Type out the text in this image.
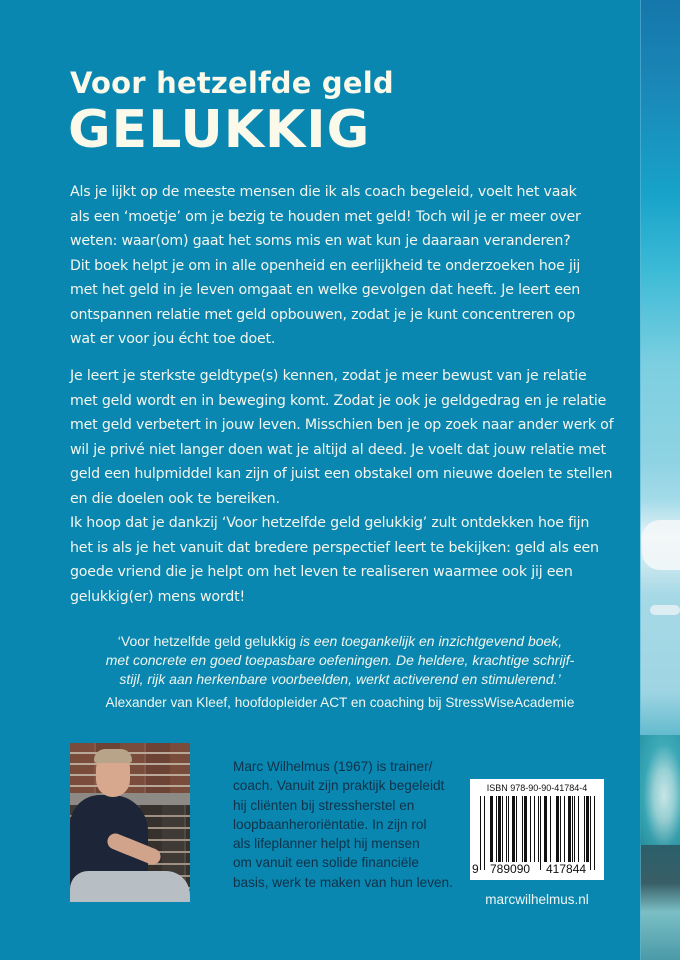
Voor hetzelfde geld
GELUKKIG
Als je lijkt op de meeste mensen die ik als coach begeleid, voelt het vaak
als een ‘moetje’ om je bezig te houden met geld! Toch wil je er meer over
weten: waar(om) gaat het soms mis en wat kun je daaraan veranderen?
Dit boek helpt je om in alle openheid en eerlijkheid te onderzoeken hoe jij
met het geld in je leven omgaat en welke gevolgen dat heeft. Je leert een
ontspannen relatie met geld opbouwen, zodat je je kunt concentreren op
wat er voor jou écht toe doet.
Je leert je sterkste geldtype(s) kennen, zodat je meer bewust van je relatie
met geld wordt en in beweging komt. Zodat je ook je geldgedrag en je relatie
met geld verbetert in jouw leven. Misschien ben je op zoek naar ander werk of
wil je privé niet langer doen wat je altijd al deed. Je voelt dat jouw relatie met
geld een hulpmiddel kan zijn of juist een obstakel om nieuwe doelen te stellen
en die doelen ook te bereiken.
Ik hoop dat je dankzij ‘Voor hetzelfde geld gelukkig’ zult ontdekken hoe fijn
het is als je het vanuit dat bredere perspectief leert te bekijken: geld als een
goede vriend die je helpt om het leven te realiseren waarmee ook jij een
gelukkig(er) mens wordt!
‘Voor hetzelfde geld gelukkig is een toegankelijk en inzichtgevend boek,
met concrete en goed toepasbare oefeningen. De heldere, krachtige schrijf-
stijl, rijk aan herkenbare voorbeelden, werkt activerend en stimulerend.’
Alexander van Kleef, hoofdopleider ACT en coaching bij StressWiseAcademie
Marc Wilhelmus (1967) is trainer/
coach. Vanuit zijn praktijk begeleidt
hij cliënten bij stressherstel en
loopbaanheroriëntatie. In zijn rol
als lifeplanner helpt hij mensen
om vanuit een solide financiële
basis, werk te maken van hun leven.
ISBN 978-90-90-41784-4
9 789090 417844
marcwilhelmus.nl
